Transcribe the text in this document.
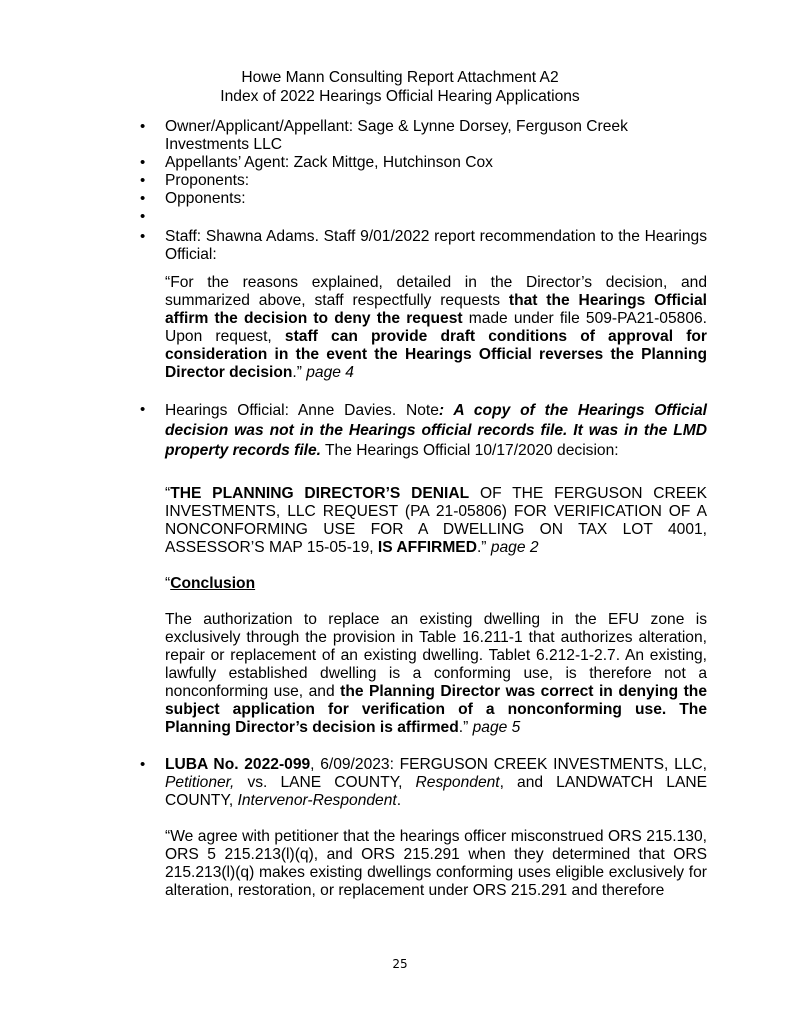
Howe Mann Consulting Report Attachment A2
Index of 2022 Hearings Official Hearing Applications
• Owner/Applicant/Appellant: Sage & Lynne Dorsey, Ferguson Creek Investments LLC
• Appellants’ Agent: Zack Mittge, Hutchinson Cox
• Proponents:
• Opponents:
•
• Staff: Shawna Adams. Staff 9/01/2022 report recommendation to the Hearings Official:
“For the reasons explained, detailed in the Director’s decision, and summarized above, staff respectfully requests that the Hearings Official affirm the decision to deny the request made under file 509-PA21-05806. Upon request, staff can provide draft conditions of approval for consideration in the event the Hearings Official reverses the Planning Director decision.” page 4
• Hearings Official: Anne Davies. Note: A copy of the Hearings Official decision was not in the Hearings official records file. It was in the LMD property records file. The Hearings Official 10/17/2020 decision:
“THE PLANNING DIRECTOR’S DENIAL OF THE FERGUSON CREEK INVESTMENTS, LLC REQUEST (PA 21-05806) FOR VERIFICATION OF A NONCONFORMING USE FOR A DWELLING ON TAX LOT 4001, ASSESSOR’S MAP 15-05-19, IS AFFIRMED.” page 2
“Conclusion
The authorization to replace an existing dwelling in the EFU zone is exclusively through the provision in Table 16.211-1 that authorizes alteration, repair or replacement of an existing dwelling. Tablet 6.212-1-2.7. An existing, lawfully established dwelling is a conforming use, is therefore not a nonconforming use, and the Planning Director was correct in denying the subject application for verification of a nonconforming use. The Planning Director’s decision is affirmed.” page 5
• LUBA No. 2022-099, 6/09/2023: FERGUSON CREEK INVESTMENTS, LLC, Petitioner, vs. LANE COUNTY, Respondent, and LANDWATCH LANE COUNTY, Intervenor-Respondent.
“We agree with petitioner that the hearings officer misconstrued ORS 215.130, ORS 5 215.213(l)(q), and ORS 215.291 when they determined that ORS 215.213(l)(q) makes existing dwellings conforming uses eligible exclusively for alteration, restoration, or replacement under ORS 215.291 and therefore
25
